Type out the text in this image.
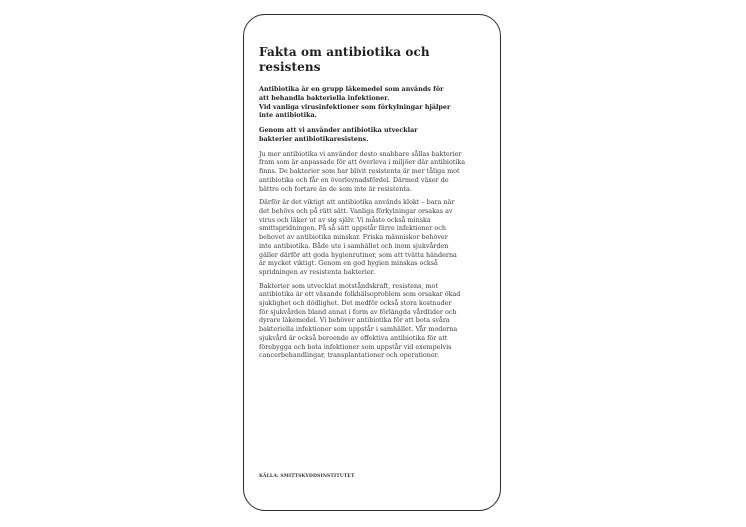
Fakta om antibiotika och resistens

Antibiotika är en grupp läkemedel som används för
att behandla bakteriella infektioner.
Vid vanliga virusinfektioner som förkylningar hjälper
inte antibiotika.

Genom att vi använder antibiotika utvecklar
bakterier antibiotikaresistens.

Ju mer antibiotika vi använder desto snabbare sållas bakterier
fram som är anpassade för att överleva i miljöer där antibiotika
finns. De bakterier som har blivit resistenta är mer tåliga mot
antibiotika och får en överlevnadsfördel. Därmed växer de
bättre och fortare än de som inte är resistenta.

Därför är det viktigt att antibiotika används klokt – bara när
det behövs och på rätt sätt. Vanliga förkylningar orsakas av
virus och läker ut av sig själv. Vi måste också minska
smittspridningen. På så sätt uppstår färre infektioner och
behovet av antibiotika minskar. Friska människor behöver
inte antibiotika. Både ute i samhället och inom sjukvården
gäller därför att goda hygienrutiner, som att tvätta händerna
är mycket viktigt. Genom en god hygien minskas också
spridningen av resistenta bakterier.

Bakterier som utvecklat motståndskraft, resistens, mot
antibiotika är ett växande folkhälsoproblem som orsakar ökad
sjuklighet och dödlighet. Det medför också stora kostnader
för sjukvården bland annat i form av förlängda vårdtider och
dyrare läkemedel. Vi behöver antibiotika för att bota svåra
bakteriella infektioner som uppstår i samhället. Vår moderna
sjukvård är också beroende av effektiva antibiotika för att
förebygga och bota infektioner som uppstår vid exempelvis
cancerbehandlingar, transplantationer och operationer.

KÄLLA: SMITTSKYDDSINSTITUTET
